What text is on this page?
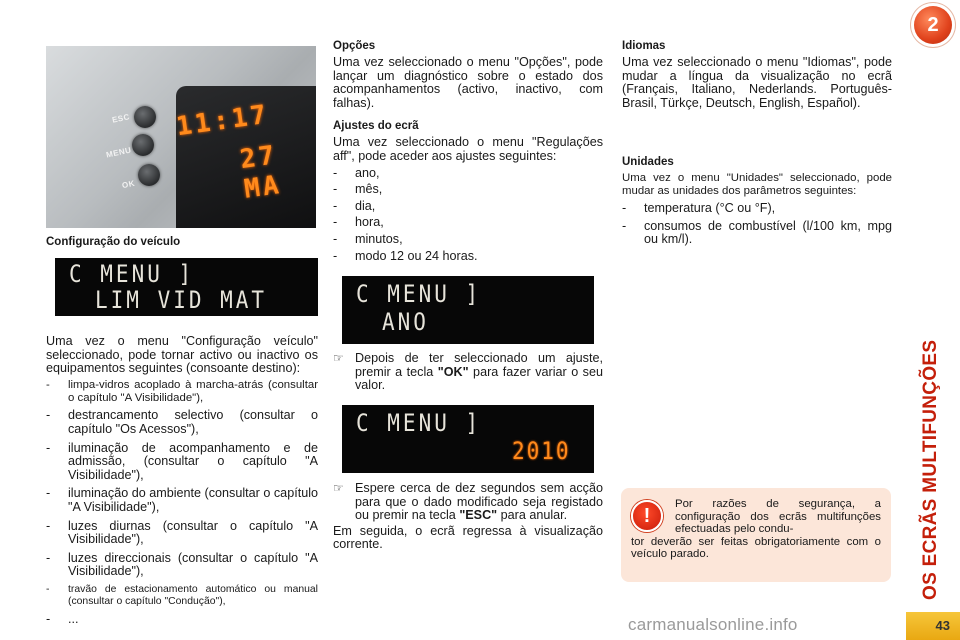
ESC
MENU
OK
11:17
27 MA
Configuração do veículo
C MENU ]
LIM VID MAT

Uma vez o menu "Configuração veículo" seleccionado, pode tornar activo ou inactivo os equipamentos seguintes (consoante destino):

- limpa-vidros acoplado à marcha-atrás (consultar o capítulo "A Visibilidade"),
- destrancamento selectivo (consultar o capítulo "Os Acessos"),
- iluminação de acompanhamento e de admissão, (consultar o capítulo "A Visibilidade"),
- iluminação do ambiente (consultar o capítulo "A Visibilidade"),
- luzes diurnas (consultar o capítulo "A Visibilidade"),
- luzes direccionais (consultar o capítulo "A Visibilidade"),
- travão de estacionamento automático ou manual (consultar o capítulo "Condução"),
- ...
Opções

Uma vez seleccionado o menu "Opções", pode lançar um diagnóstico sobre o estado dos acompanhamentos (activo, inactivo, com falhas).

Ajustes do ecrã

Uma vez seleccionado o menu "Regulações aff", pode aceder aos ajustes seguintes:

- ano,
- mês,
- dia,
- hora,
- minutos,
- modo 12 ou 24 horas.
C MENU ]
ANO

☞ Depois de ter seleccionado um ajuste, premir a tecla "OK" para fazer variar o seu valor.

C MENU ]
2010

☞ Espere cerca de dez segundos sem acção para que o dado modificado seja registado ou premir na tecla "ESC" para anular.

Em seguida, o ecrã regressa à visualização corrente.

Idiomas

Uma vez seleccionado o menu "Idiomas", pode mudar a língua da visualização no ecrã (Français, Italiano, Nederlands. Português-Brasil, Türkçe, Deutsch, English, Español).

Unidades

Uma vez o menu "Unidades" seleccionado, pode mudar as unidades dos parâmetros seguintes:

- temperatura (°C ou °F),
- consumos de combustível (l/100 km, mpg ou km/l).
!

Por razões de segurança, a configuração dos ecrãs multifunções efectuadas pelo condu-

tor deverão ser feitas obrigatoriamente com o veículo parado.	OS ECRÃS MULTIFUNÇÕES
2
43
carmanualsonline.info
